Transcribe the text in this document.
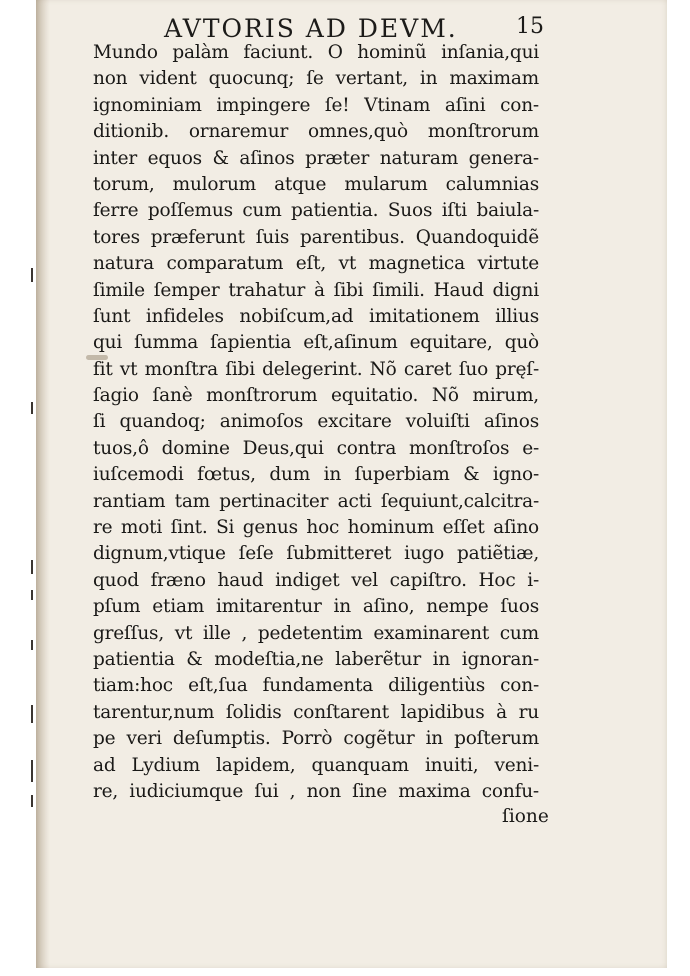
AVTORIS AD DEVM.	15
Mundo palàm faciunt. O hominũ inſania,qui
non vident quocunq; ſe vertant, in maximam
ignominiam impingere ſe! Vtinam aſini con-
ditionib. ornaremur omnes,quò monſtrorum
inter equos & aſinos præter naturam genera-
torum, mulorum atque mularum calumnias
ferre poſſemus cum patientia. Suos iſti baiula-
tores præferunt ſuis parentibus. Quandoquidẽ
natura comparatum eſt, vt magnetica virtute
ſimile ſemper trahatur à ſibi ſimili. Haud digni
ſunt infideles nobiſcum,ad imitationem illius
qui ſumma ſapientia eſt,aſinum equitare, quò
fit vt monſtra ſibi delegerint. Nõ caret ſuo pręſ-
ſagio ſanè monſtrorum equitatio. Nõ mirum,
ſi quandoq; animoſos excitare voluiſti aſinos
tuos,ô domine Deus,qui contra monſtroſos e-
iuſcemodi fœtus, dum in ſuperbiam & igno-
rantiam tam pertinaciter acti ſequiunt,calcitra-
re moti ſint. Si genus hoc hominum eſſet aſino
dignum,vtique ſeſe ſubmitteret iugo patiẽtiæ,
quod fræno haud indiget vel capiſtro. Hoc i-
pſum etiam imitarentur in aſino, nempe ſuos
greſſus, vt ille , pedetentim examinarent cum
patientia & modeſtia,ne laberẽtur in ignoran-
tiam:hoc eſt,ſua fundamenta diligentiùs con-
tarentur,num ſolidis conſtarent lapidibus à ru
pe veri deſumptis. Porrò cogẽtur in poſterum
ad Lydium lapidem, quanquam inuiti, veni-
re, iudiciumque ſui , non ſine maxima confu-
ſione
